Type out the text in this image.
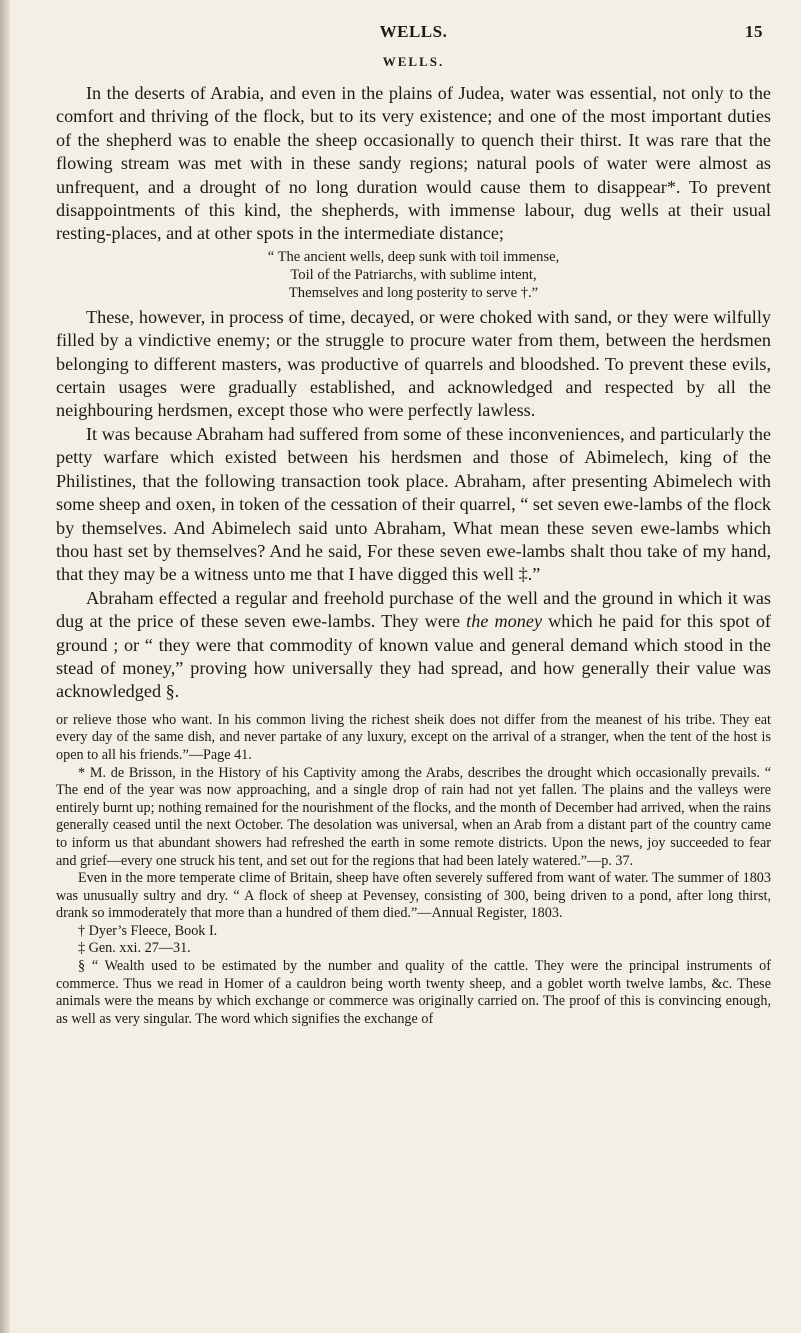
WELLS.	15
WELLS.

In the deserts of Arabia, and even in the plains of Judea, water was essential, not only to the comfort and thriving of the flock, but to its very existence; and one of the most important duties of the shepherd was to enable the sheep occasionally to quench their thirst. It was rare that the flowing stream was met with in these sandy regions; natural pools of water were almost as unfrequent, and a drought of no long duration would cause them to disappear*. To prevent disappointments of this kind, the shepherds, with immense labour, dug wells at their usual resting-places, and at other spots in the intermediate distance;

“ The ancient wells, deep sunk with toil immense,
Toil of the Patriarchs, with sublime intent,
Themselves and long posterity to serve †.”

These, however, in process of time, decayed, or were choked with sand, or they were wilfully filled by a vindictive enemy; or the struggle to procure water from them, between the herdsmen belonging to different masters, was productive of quarrels and bloodshed. To prevent these evils, certain usages were gradually established, and acknowledged and respected by all the neighbouring herdsmen, except those who were perfectly lawless.

It was because Abraham had suffered from some of these inconveniences, and particularly the petty warfare which existed between his herdsmen and those of Abimelech, king of the Philistines, that the following transaction took place. Abraham, after presenting Abimelech with some sheep and oxen, in token of the cessation of their quarrel, “ set seven ewe-lambs of the flock by themselves. And Abimelech said unto Abraham, What mean these seven ewe-lambs which thou hast set by themselves? And he said, For these seven ewe-lambs shalt thou take of my hand, that they may be a witness unto me that I have digged this well ‡.”

Abraham effected a regular and freehold purchase of the well and the ground in which it was dug at the price of these seven ewe-lambs. They were the money which he paid for this spot of ground ; or “ they were that commodity of known value and general demand which stood in the stead of money,” proving how universally they had spread, and how generally their value was acknowledged §.

or relieve those who want. In his common living the richest sheik does not differ from the meanest of his tribe. They eat every day of the same dish, and never partake of any luxury, except on the arrival of a stranger, when the tent of the host is open to all his friends.”—Page 41.

* M. de Brisson, in the History of his Captivity among the Arabs, describes the drought which occasionally prevails. “ The end of the year was now approaching, and a single drop of rain had not yet fallen. The plains and the valleys were entirely burnt up; nothing remained for the nourishment of the flocks, and the month of December had arrived, when the rains generally ceased until the next October. The desolation was universal, when an Arab from a distant part of the country came to inform us that abundant showers had refreshed the earth in some remote districts. Upon the news, joy succeeded to fear and grief—every one struck his tent, and set out for the regions that had been lately watered.”—p. 37.

Even in the more temperate clime of Britain, sheep have often severely suffered from want of water. The summer of 1803 was unusually sultry and dry. “ A flock of sheep at Pevensey, consisting of 300, being driven to a pond, after long thirst, drank so immoderately that more than a hundred of them died.”—Annual Register, 1803.

† Dyer’s Fleece, Book I.

‡ Gen. xxi. 27—31.

§ “ Wealth used to be estimated by the number and quality of the cattle. They were the principal instruments of commerce. Thus we read in Homer of a cauldron being worth twenty sheep, and a goblet worth twelve lambs, &c. These animals were the means by which exchange or commerce was originally carried on. The proof of this is convincing enough, as well as very singular. The word which signifies the exchange of
